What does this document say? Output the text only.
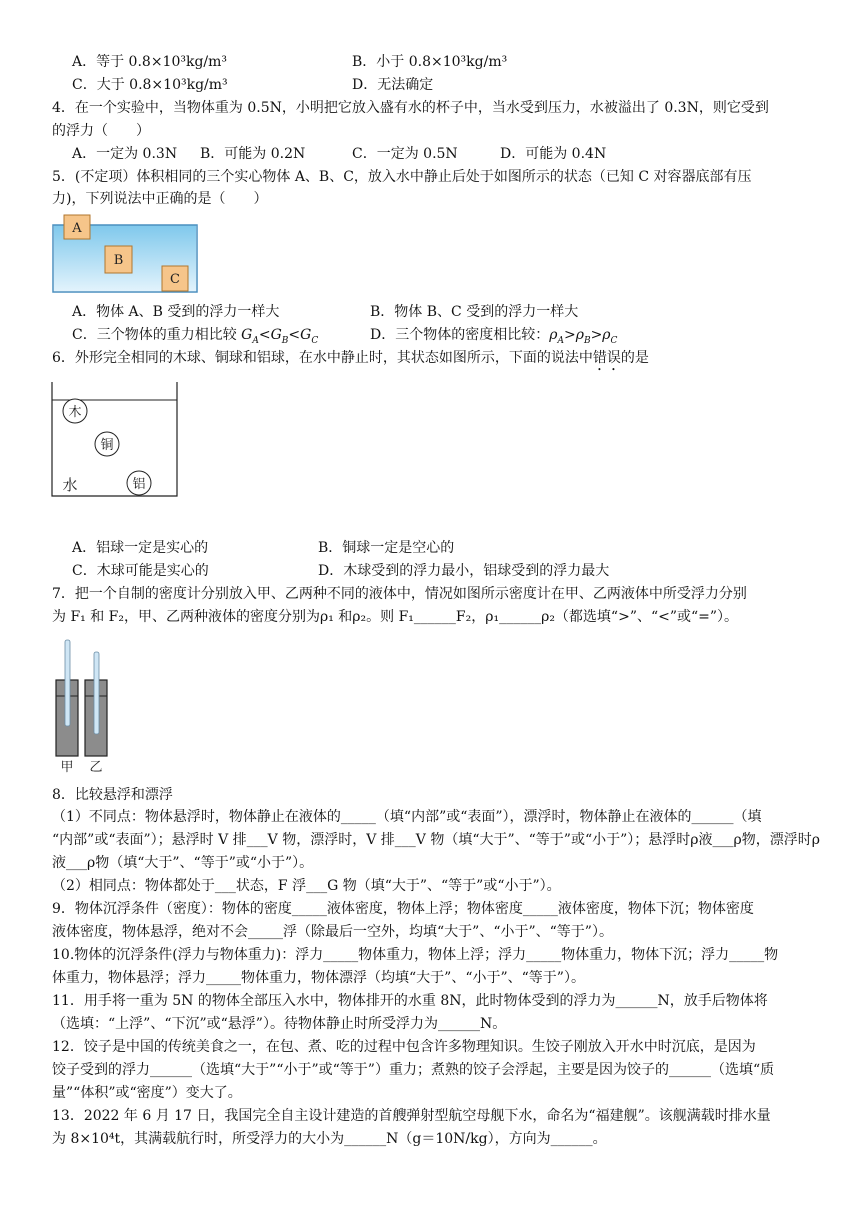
A．等于 0.8×10³kg/m³	B．小于 0.8×10³kg/m³
C．大于 0.8×10³kg/m³	D．无法确定
4．在一个实验中，当物体重为 0.5N，小明把它放入盛有水的杯子中，当水受到压力，水被溢出了 0.3N，则它受到
的浮力（　　）
A．一定为 0.3N B．可能为 0.2N	C．一定为 0.5N	D．可能为 0.4N
5．(不定项）体积相同的三个实心物体 A、B、C，放入水中静止后处于如图所示的状态（已知 C 对容器底部有压
力)，下列说法中正确的是（　　）
A
B
C
A．物体 A、B 受到的浮力一样大	B．物体 B、C 受到的浮力一样大
C．三个物体的重力相比较 $G_A<G_B<G_C$	D．三个物体的密度相比较：$\rho_A>\rho_B>\rho_C$
6．外形完全相同的木球、铜球和铝球，在水中静止时，其状态如图所示，下面的说法中错误的是
木
铜
铝
水
A．铝球一定是实心的	B．铜球一定是空心的
C．木球可能是实心的	D．木球受到的浮力最小，铝球受到的浮力最大
7．把一个自制的密度计分别放入甲、乙两种不同的液体中，情况如图所示密度计在甲、乙两液体中所受浮力分别
为 F₁ 和 F₂，甲、乙两种液体的密度分别为ρ₁ 和ρ₂。则 F₁______F₂，ρ₁______ρ₂（都选填“>”、“<”或“=”）。
甲 乙
8．比较悬浮和漂浮
（1）不同点：物体悬浮时，物体静止在液体的_____（填“内部”或“表面”），漂浮时，物体静止在液体的______（填
“内部”或“表面”）；悬浮时 V 排___V 物，漂浮时，V 排___V 物（填“大于”、“等于”或“小于”）；悬浮时ρ液___ρ物，漂浮时ρ
液___ρ物（填“大于”、“等于”或“小于”）。
（2）相同点：物体都处于___状态，F 浮___G 物（填“大于”、“等于”或“小于”）。
9．物体沉浮条件（密度）：物体的密度_____液体密度，物体上浮；物体密度_____液体密度，物体下沉；物体密度
液体密度，物体悬浮，绝对不会_____浮（除最后一空外，均填“大于”、“小于”、“等于”）。
10.物体的沉浮条件(浮力与物体重力)：浮力_____物体重力，物体上浮；浮力_____物体重力，物体下沉；浮力_____物
体重力，物体悬浮；浮力_____物体重力，物体漂浮（均填“大于”、“小于”、“等于”）。
11．用手将一重为 5N 的物体全部压入水中，物体排开的水重 8N，此时物体受到的浮力为______N，放手后物体将
（选填：“上浮”、“下沉”或“悬浮”）。待物体静止时所受浮力为______N。
12．饺子是中国的传统美食之一，在包、煮、吃的过程中包含许多物理知识。生饺子刚放入开水中时沉底，是因为
饺子受到的浮力______（选填“大于”“小于”或“等于”）重力；煮熟的饺子会浮起，主要是因为饺子的______（选填“质
量”“体积”或“密度”）变大了。
13．2022 年 6 月 17 日，我国完全自主设计建造的首艘弹射型航空母舰下水，命名为“福建舰”。该舰满载时排水量
为 8×10⁴t，其满载航行时，所受浮力的大小为______N（g＝10N/kg），方向为______。
